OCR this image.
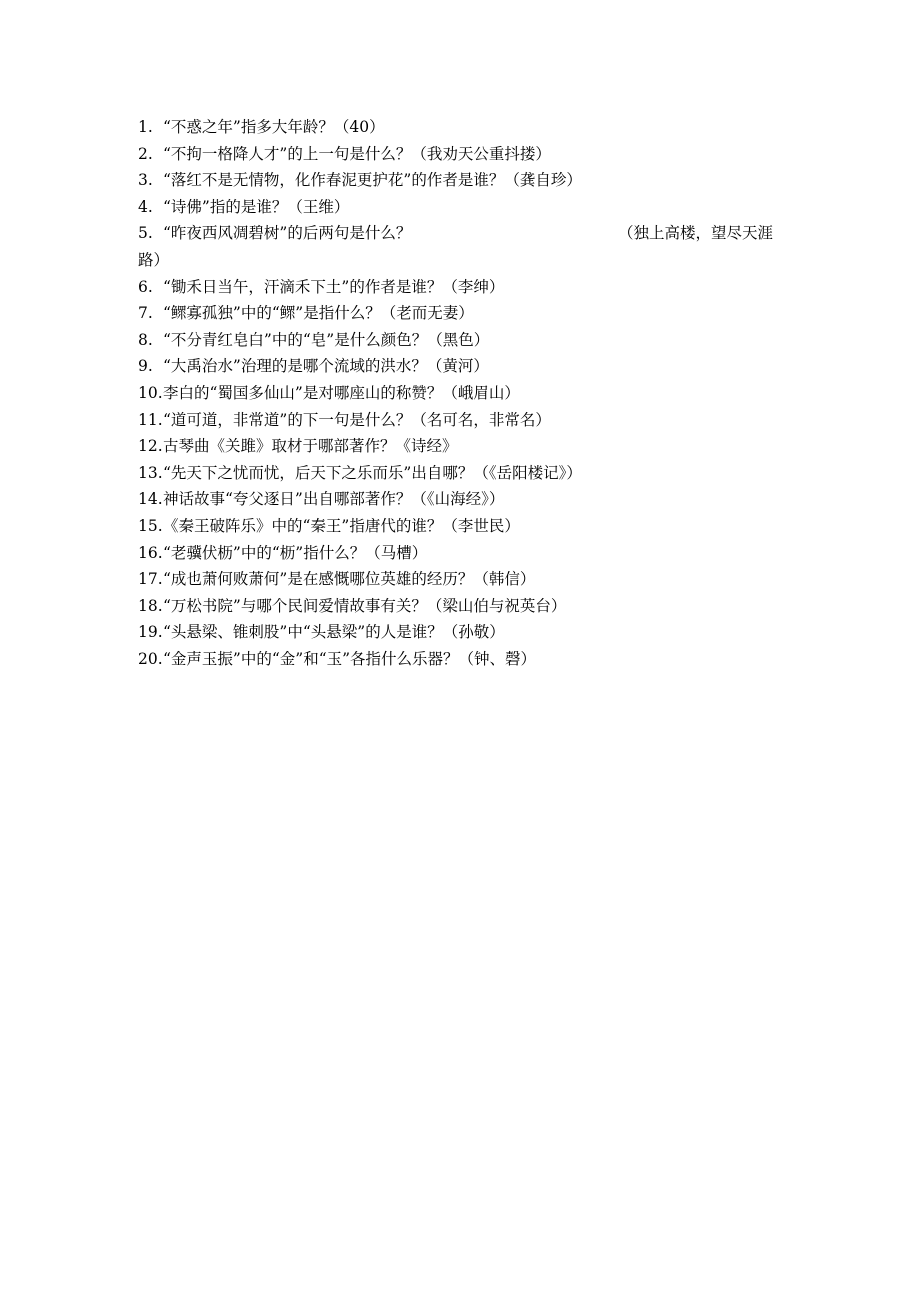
1. “不惑之年”指多大年龄？（40）
2. “不拘一格降人才”的上一句是什么？（我劝天公重抖搂）
3. “落红不是无情物，化作春泥更护花”的作者是谁？（龚自珍）
4. “诗佛”指的是谁？（王维）
5. “昨夜西风凋碧树”的后两句是什么？	（独上高楼，望尽天涯
路）
6. “锄禾日当午，汗滴禾下土”的作者是谁？（李绅）
7. “鳏寡孤独”中的“鳏”是指什么？（老而无妻）
8. “不分青红皂白”中的“皂”是什么颜色？（黑色）
9. “大禹治水”治理的是哪个流域的洪水？（黄河）
10. 李白的“蜀国多仙山”是对哪座山的称赞？（峨眉山）
11. “道可道，非常道”的下一句是什么？（名可名，非常名）
12. 古琴曲《关雎》取材于哪部著作？《诗经》
13. “先天下之忧而忧，后天下之乐而乐”出自哪？（《岳阳楼记》）
14. 神话故事“夸父逐日”出自哪部著作？（《山海经》）
15. 《秦王破阵乐》中的“秦王”指唐代的谁？（李世民）
16. “老骥伏枥”中的“枥”指什么？（马槽）
17. “成也萧何败萧何”是在感慨哪位英雄的经历？（韩信）
18. “万松书院”与哪个民间爱情故事有关？（梁山伯与祝英台）
19. “头悬梁、锥刺股”中“头悬梁”的人是谁？（孙敬）
20. “金声玉振”中的“金”和“玉”各指什么乐器？（钟、磬）
